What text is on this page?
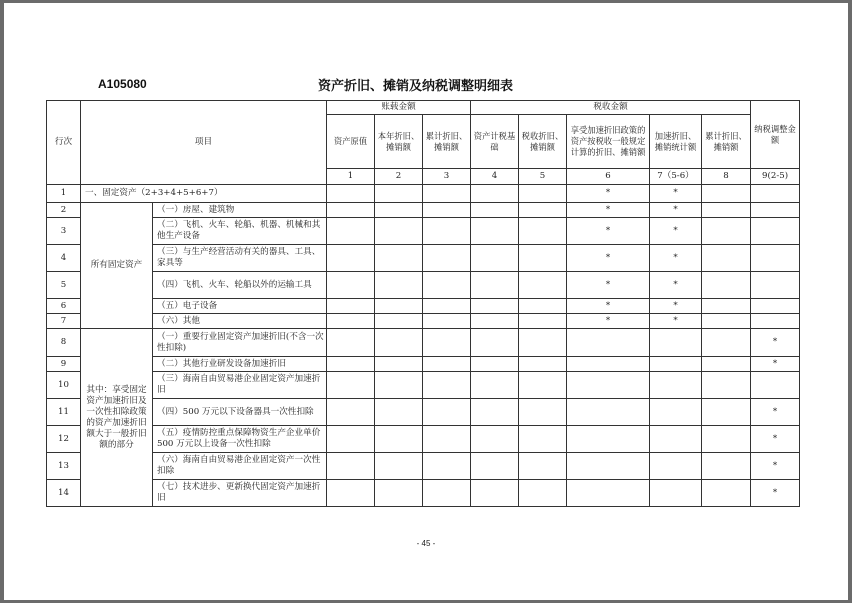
A105080	资产折旧、摊销及纳税调整明细表
行次	项目		账载金额			税收金额					纳税调整金额
			资产原值	本年折旧、摊销额	累计折旧、摊销额	资产计税基础	税收折旧、摊销额	享受加速折旧政策的资产按税收一般规定计算的折旧、摊销额	加速折旧、摊销统计额	累计折旧、摊销额	
			1	2	3	4	5	6	7（5-6）	8	9(2-5)
1	一、固定资产（2+3+4+5+6+7）							*	*		
2	所有固定资产	（一）房屋、建筑物						*	*		
3		（二）飞机、火车、轮船、机器、机械和其他生产设备						*	*		
4		（三）与生产经营活动有关的器具、工具、家具等						*	*		
5		（四）飞机、火车、轮船以外的运输工具						*	*		
6		（五）电子设备						*	*		
7		（六）其他						*	*		
8	其中：享受固定资产加速折旧及一次性扣除政策的资产加速折旧额大于一般折旧额的部分	（一）重要行业固定资产加速折旧(不含一次性扣除)									*
9		（二）其他行业研发设备加速折旧									*
10		（三）海南自由贸易港企业固定资产加速折旧									
11		（四）500 万元以下设备器具一次性扣除									*
12		（五）疫情防控重点保障物资生产企业单价 500 万元以上设备一次性扣除									*
13		（六）海南自由贸易港企业固定资产一次性扣除									*
14		（七）技术进步、更新换代固定资产加速折旧									*
- 45 -
